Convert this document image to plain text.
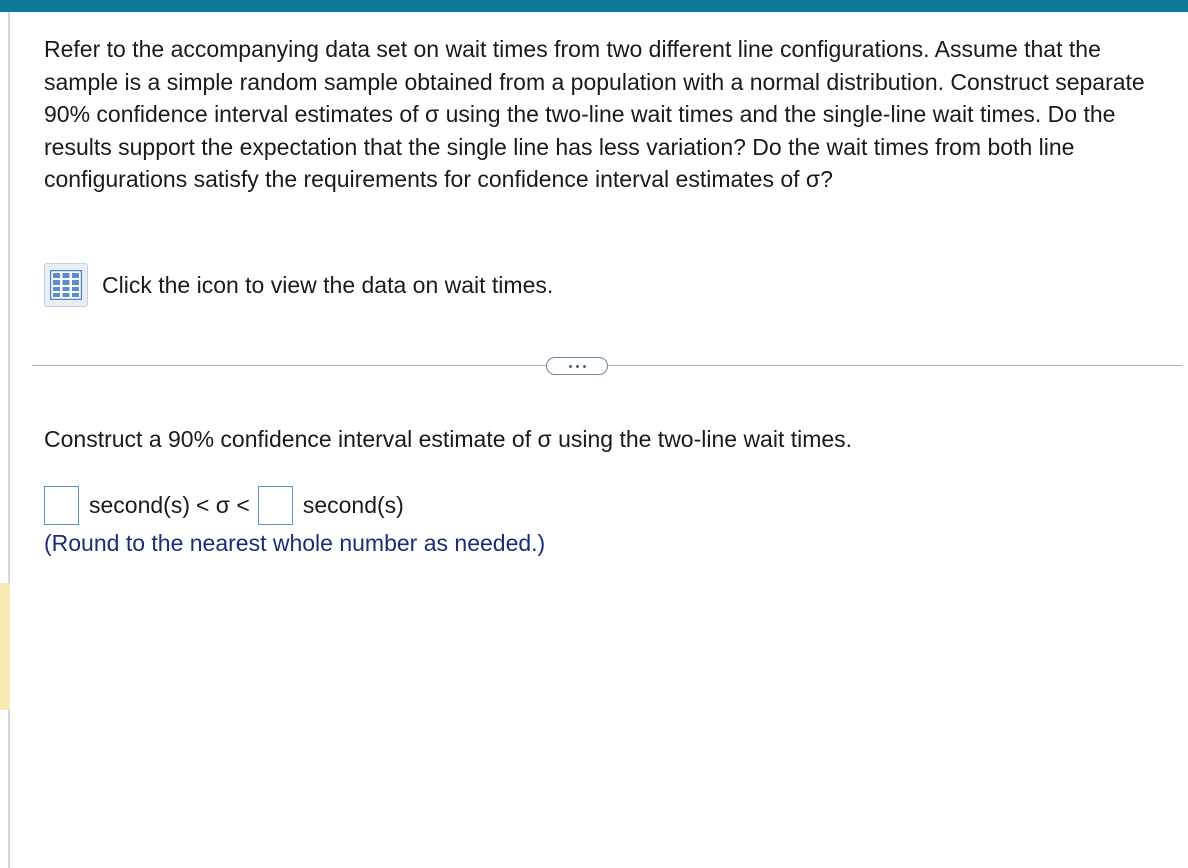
Refer to the accompanying data set on wait times from two different line configurations. Assume that the sample is a simple random sample obtained from a population with a normal distribution. Construct separate 90% confidence interval estimates of σ using the two-line wait times and the single-line wait times. Do the results support the expectation that the single line has less variation? Do the wait times from both line configurations satisfy the requirements for confidence interval estimates of σ?

Click the icon to view the data on wait times.

Construct a 90% confidence interval estimate of σ using the two-line wait times.

second(s) < σ < second(s)
(Round to the nearest whole number as needed.)
